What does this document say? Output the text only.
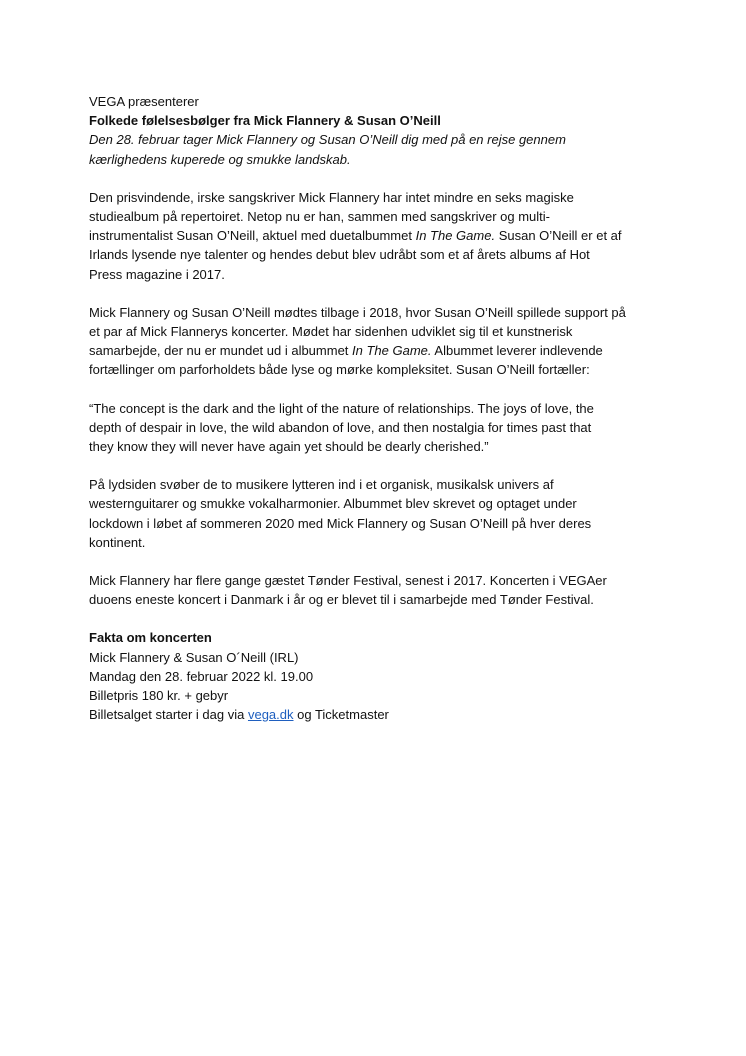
VEGA præsenterer

Folkede følelsesbølger fra Mick Flannery & Susan O’Neill

Den 28. februar tager Mick Flannery og Susan O’Neill dig med på en rejse gennem

kærlighedens kuperede og smukke landskab.

Den prisvindende, irske sangskriver Mick Flannery har intet mindre en seks magiske
studiealbum på repertoiret. Netop nu er han, sammen med sangskriver og multi-
instrumentalist Susan O’Neill, aktuel med duetalbummet In The Game. Susan O’Neill er et af
Irlands lysende nye talenter og hendes debut blev udråbt som et af årets albums af Hot
Press magazine i 2017.
Mick Flannery og Susan O’Neill mødtes tilbage i 2018, hvor Susan O’Neill spillede support på
et par af Mick Flannerys koncerter. Mødet har sidenhen udviklet sig til et kunstnerisk
samarbejde, der nu er mundet ud i albummet In The Game. Albummet leverer indlevende
fortællinger om parforholdets både lyse og mørke kompleksitet. Susan O’Neill fortæller:
“The concept is the dark and the light of the nature of relationships. The joys of love, the
depth of despair in love, the wild abandon of love, and then nostalgia for times past that
they know they will never have again yet should be dearly cherished.”
På lydsiden svøber de to musikere lytteren ind i et organisk, musikalsk univers af
westernguitarer og smukke vokalharmonier. Albummet blev skrevet og optaget under
lockdown i løbet af sommeren 2020 med Mick Flannery og Susan O’Neill på hver deres
kontinent.
Mick Flannery har flere gange gæstet Tønder Festival, senest i 2017. Koncerten i VEGAer
duoens eneste koncert i Danmark i år og er blevet til i samarbejde med Tønder Festival.
Fakta om koncerten
Mick Flannery & Susan O´Neill (IRL)
Mandag den 28. februar 2022 kl. 19.00
Billetpris 180 kr. + gebyr
Billetsalget starter i dag via vega.dk og Ticketmaster
